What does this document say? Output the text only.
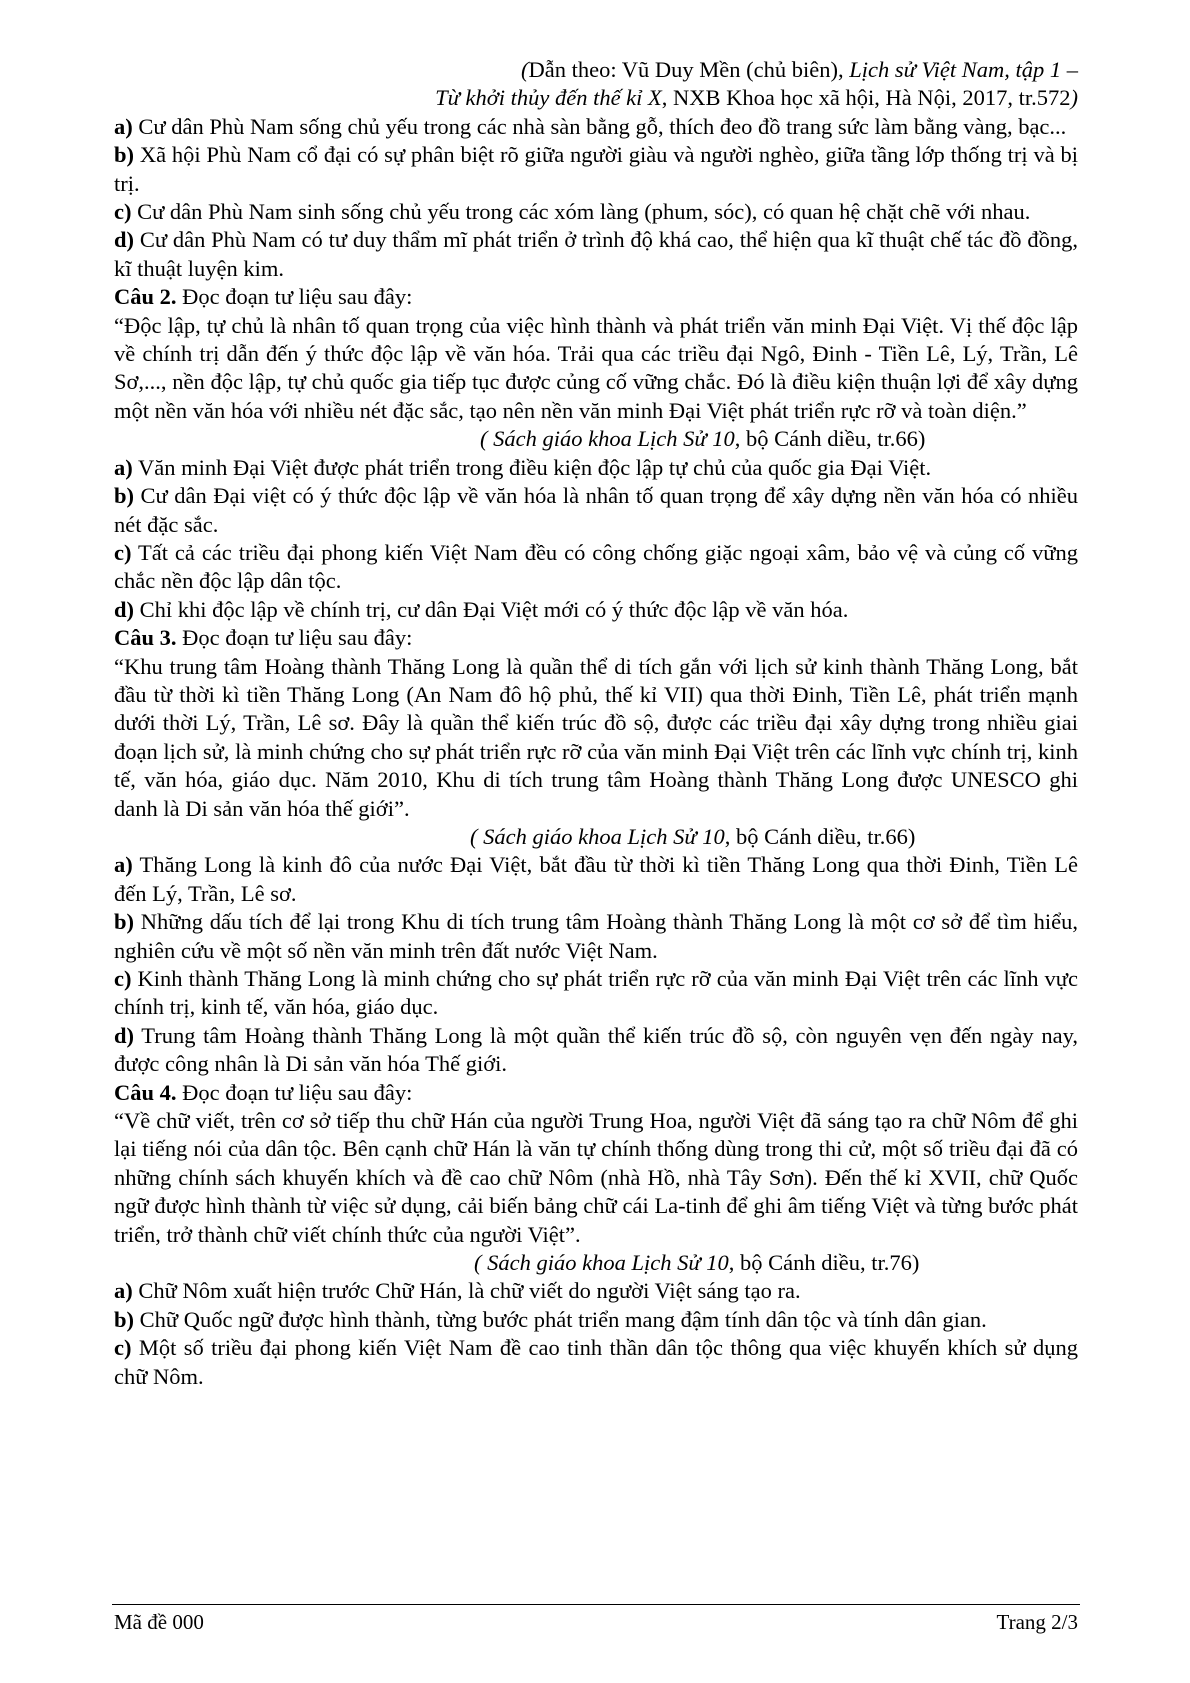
(Dẫn theo: Vũ Duy Mền (chủ biên), Lịch sử Việt Nam, tập 1 –

Từ khởi thủy đến thế kỉ X, NXB Khoa học xã hội, Hà Nội, 2017, tr.572)

a) Cư dân Phù Nam sống chủ yếu trong các nhà sàn bằng gỗ, thích đeo đồ trang sức làm bằng vàng, bạc...

b) Xã hội Phù Nam cổ đại có sự phân biệt rõ giữa người giàu và người nghèo, giữa tầng lớp thống trị và bị trị.

c) Cư dân Phù Nam sinh sống chủ yếu trong các xóm làng (phum, sóc), có quan hệ chặt chẽ với nhau.

d) Cư dân Phù Nam có tư duy thẩm mĩ phát triển ở trình độ khá cao, thể hiện qua kĩ thuật chế tác đồ đồng, kĩ thuật luyện kim.

Câu 2. Đọc đoạn tư liệu sau đây:

“Độc lập, tự chủ là nhân tố quan trọng của việc hình thành và phát triển văn minh Đại Việt. Vị thế độc lập về chính trị dẫn đến ý thức độc lập về văn hóa. Trải qua các triều đại Ngô, Đinh - Tiền Lê, Lý, Trần, Lê Sơ,..., nền độc lập, tự chủ quốc gia tiếp tục được củng cố vững chắc. Đó là điều kiện thuận lợi để xây dựng một nền văn hóa với nhiều nét đặc sắc, tạo nên nền văn minh Đại Việt phát triển rực rỡ và toàn diện.”

( Sách giáo khoa Lịch Sử 10, bộ Cánh diều, tr.66)

a) Văn minh Đại Việt được phát triển trong điều kiện độc lập tự chủ của quốc gia Đại Việt.

b) Cư dân Đại việt có ý thức độc lập về văn hóa là nhân tố quan trọng để xây dựng nền văn hóa có nhiều nét đặc sắc.

c) Tất cả các triều đại phong kiến Việt Nam đều có công chống giặc ngoại xâm, bảo vệ và củng cố vững chắc nền độc lập dân tộc.

d) Chỉ khi độc lập về chính trị, cư dân Đại Việt mới có ý thức độc lập về văn hóa.

Câu 3. Đọc đoạn tư liệu sau đây:

“Khu trung tâm Hoàng thành Thăng Long là quần thể di tích gắn với lịch sử kinh thành Thăng Long, bắt đầu từ thời kì tiền Thăng Long (An Nam đô hộ phủ, thế kỉ VII) qua thời Đinh, Tiền Lê, phát triển mạnh dưới thời Lý, Trần, Lê sơ. Đây là quần thể kiến trúc đồ sộ, được các triều đại xây dựng trong nhiều giai đoạn lịch sử, là minh chứng cho sự phát triển rực rỡ của văn minh Đại Việt trên các lĩnh vực chính trị, kinh tế, văn hóa, giáo dục. Năm 2010, Khu di tích trung tâm Hoàng thành Thăng Long được UNESCO ghi danh là Di sản văn hóa thế giới”.

( Sách giáo khoa Lịch Sử 10, bộ Cánh diều, tr.66)

a) Thăng Long là kinh đô của nước Đại Việt, bắt đầu từ thời kì tiền Thăng Long qua thời Đinh, Tiền Lê đến Lý, Trần, Lê sơ.

b) Những dấu tích để lại trong Khu di tích trung tâm Hoàng thành Thăng Long là một cơ sở để tìm hiểu, nghiên cứu về một số nền văn minh trên đất nước Việt Nam.

c) Kinh thành Thăng Long là minh chứng cho sự phát triển rực rỡ của văn minh Đại Việt trên các lĩnh vực chính trị, kinh tế, văn hóa, giáo dục.

d) Trung tâm Hoàng thành Thăng Long là một quần thể kiến trúc đồ sộ, còn nguyên vẹn đến ngày nay, được công nhân là Di sản văn hóa Thế giới.

Câu 4. Đọc đoạn tư liệu sau đây:

“Về chữ viết, trên cơ sở tiếp thu chữ Hán của người Trung Hoa, người Việt đã sáng tạo ra chữ Nôm để ghi lại tiếng nói của dân tộc. Bên cạnh chữ Hán là văn tự chính thống dùng trong thi cử, một số triều đại đã có những chính sách khuyến khích và đề cao chữ Nôm (nhà Hồ, nhà Tây Sơn). Đến thế kỉ XVII, chữ Quốc ngữ được hình thành từ việc sử dụng, cải biến bảng chữ cái La-tinh để ghi âm tiếng Việt và từng bước phát triển, trở thành chữ viết chính thức của người Việt”.

( Sách giáo khoa Lịch Sử 10, bộ Cánh diều, tr.76)

a) Chữ Nôm xuất hiện trước Chữ Hán, là chữ viết do người Việt sáng tạo ra.

b) Chữ Quốc ngữ được hình thành, từng bước phát triển mang đậm tính dân tộc và tính dân gian.

c) Một số triều đại phong kiến Việt Nam đề cao tinh thần dân tộc thông qua việc khuyến khích sử dụng chữ Nôm.

Mã đề 000	Trang 2/3
